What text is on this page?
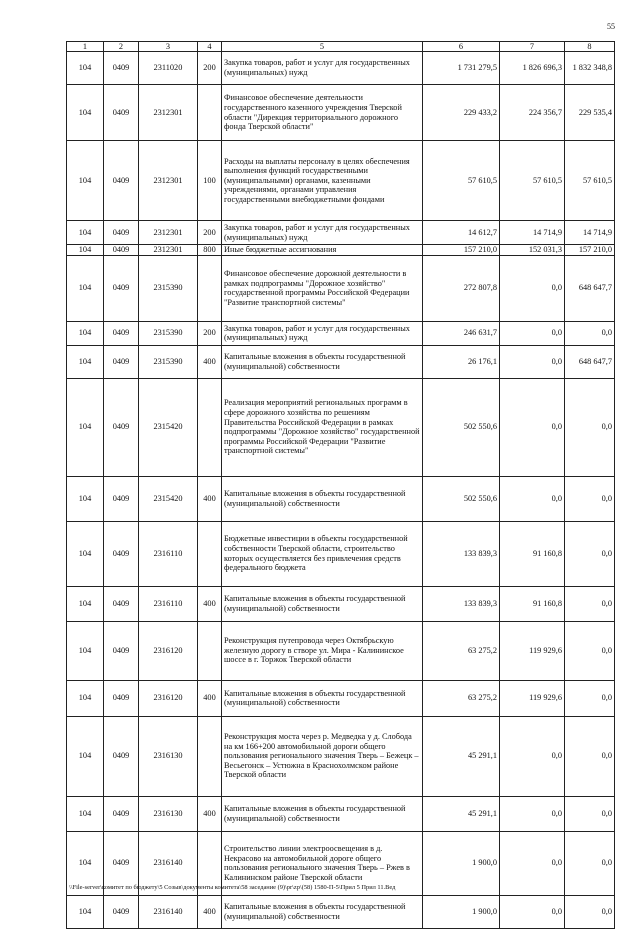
55
1	2	3	4	5	6	7	8
104	0409	2311020	200	Закупка товаров, работ и услуг для государственных (муниципальных) нужд	1 731 279,5	1 826 696,3	1 832 348,8
104	0409	2312301		Финансовое обеспечение деятельности государственного казенного учреждения Тверской области "Дирекция территориального дорожного фонда Тверской области"	229 433,2	224 356,7	229 535,4
104	0409	2312301	100	Расходы на выплаты персоналу в целях обеспечения выполнения функций государственными (муниципальными) органами, казенными учреждениями, органами управления государственными внебюджетными фондами	57 610,5	57 610,5	57 610,5
104	0409	2312301	200	Закупка товаров, работ и услуг для государственных (муниципальных) нужд	14 612,7	14 714,9	14 714,9
104	0409	2312301	800	Иные бюджетные ассигнования	157 210,0	152 031,3	157 210,0
104	0409	2315390		Финансовое обеспечение дорожной деятельности в рамках подпрограммы "Дорожное хозяйство" государственной программы Российской Федерации "Развитие транспортной системы"	272 807,8	0,0	648 647,7
104	0409	2315390	200	Закупка товаров, работ и услуг для государственных (муниципальных) нужд	246 631,7	0,0	0,0
104	0409	2315390	400	Капитальные вложения в объекты государственной (муниципальной) собственности	26 176,1	0,0	648 647,7
104	0409	2315420		Реализация мероприятий региональных программ в сфере дорожного хозяйства по решениям Правительства Российской Федерации в рамках подпрограммы "Дорожное хозяйство" государственной программы Российской Федерации "Развитие транспортной системы"	502 550,6	0,0	0,0
104	0409	2315420	400	Капитальные вложения в объекты государственной (муниципальной) собственности	502 550,6	0,0	0,0
104	0409	2316110		Бюджетные инвестиции в объекты государственной собственности Тверской области, строительство которых осуществляется без привлечения средств федерального бюджета	133 839,3	91 160,8	0,0
104	0409	2316110	400	Капитальные вложения в объекты государственной (муниципальной) собственности	133 839,3	91 160,8	0,0
104	0409	2316120		Реконструкция путепровода через Октябрьскую железную дорогу в створе ул. Мира - Калининское шоссе в г. Торжок Тверской области	63 275,2	119 929,6	0,0
104	0409	2316120	400	Капитальные вложения в объекты государственной (муниципальной) собственности	63 275,2	119 929,6	0,0
104	0409	2316130		Реконструкция моста через р. Медведка у д. Слобода на км 166+200 автомобильной дороги общего пользования регионального значения Тверь – Бежецк – Весьегонск – Устюжна в Краснохолмском районе Тверской области	45 291,1	0,0	0,0
104	0409	2316130	400	Капитальные вложения в объекты государственной (муниципальной) собственности	45 291,1	0,0	0,0
104	0409	2316140		Строительство линии электроосвещения в д. Некрасово на автомобильной дороге общего пользования регионального значения Тверь – Ржев в Калининском районе Тверской области	1 900,0	0,0	0,0
104	0409	2316140	400	Капитальные вложения в объекты государственной (муниципальной) собственности	1 900,0	0,0	0,0
\\File-server\комитет по бюджету\5 Созыв\документы комитета\58 заседание (9)\pr\zp\(58) 1580-П-5\Прил 5 Прил 11.Вед
